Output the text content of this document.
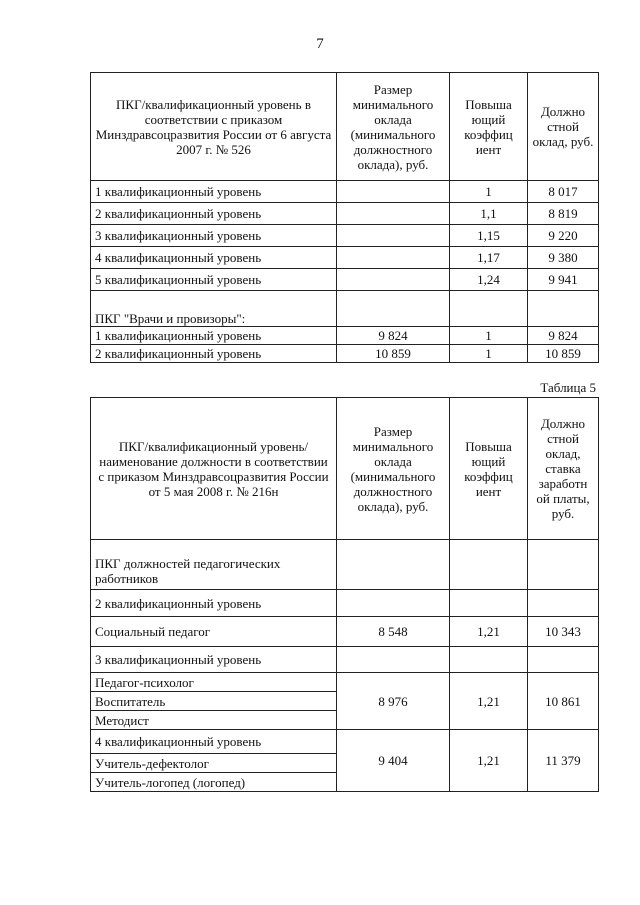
7
ПКГ/квалификационный уровень в соответствии с приказом Минздравсоцразвития России от 6 августа 2007 г. № 526	Размер минимального оклада (минимального должностного оклада), руб.	Повыша ющий коэффиц иент	Должно стной оклад, руб.
1 квалификационный уровень		1	8 017
2 квалификационный уровень		1,1	8 819
3 квалификационный уровень		1,15	9 220
4 квалификационный уровень		1,17	9 380
5 квалификационный уровень		1,24	9 941
ПКГ "Врачи и провизоры":			
1 квалификационный уровень	9 824	1	9 824
2 квалификационный уровень	10 859	1	10 859
Таблица 5
ПКГ/квалификационный уровень/наименование должности в соответствии с приказом Минздравсоцразвития России от 5 мая 2008 г. № 216н	Размер минимального оклада (минимального должностного оклада), руб.	Повыша ющий коэффиц иент	Должно стной оклад, ставка заработн ой платы, руб.
ПКГ должностей педагогических работников			
2 квалификационный уровень			
Социальный педагог	8 548	1,21	10 343
3 квалификационный уровень			
Педагог-психолог	8 976	1,21	10 861
Воспитатель			
Методист			
4 квалификационный уровень	9 404	1,21	11 379
Учитель-дефектолог			
Учитель-логопед (логопед)			
